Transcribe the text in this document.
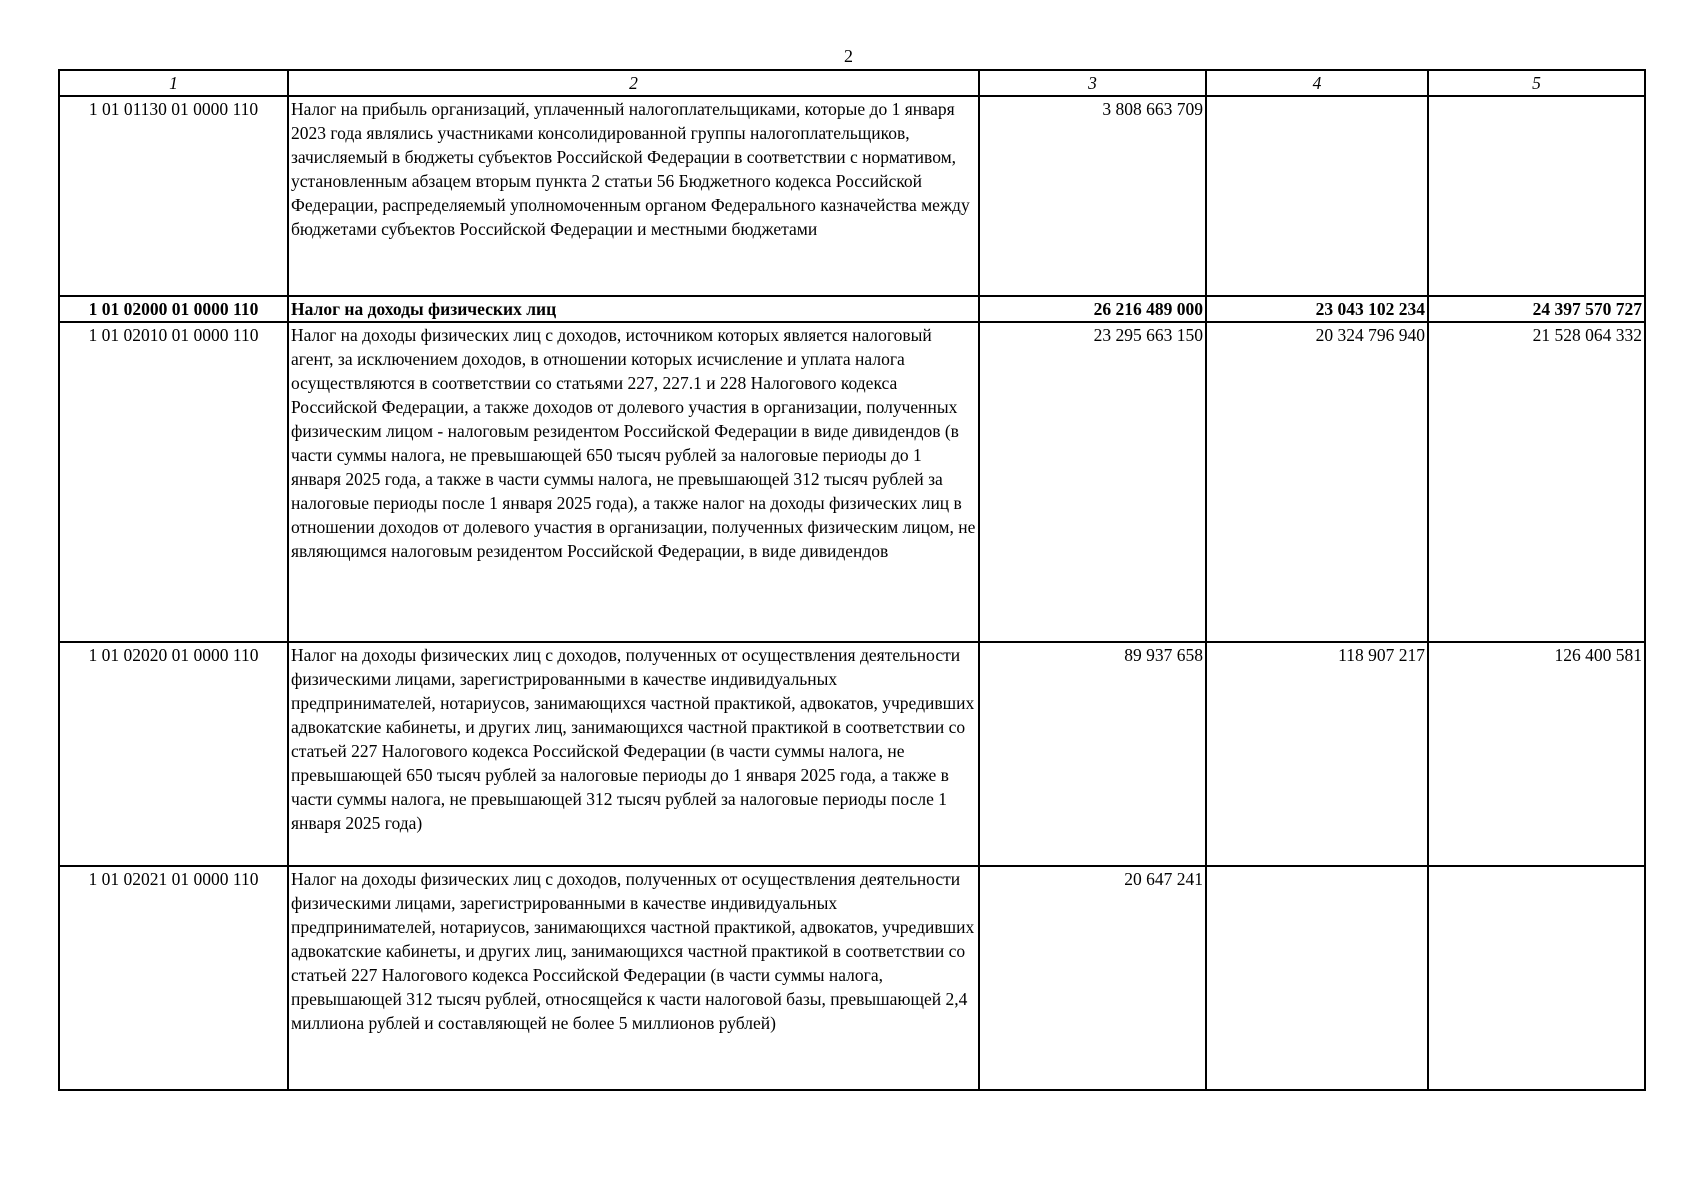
2
1	2	3	4	5
1 01 01130 01 0000 110	Налог на прибыль организаций, уплаченный налогоплательщиками, которые до 1 января 2023 года являлись участниками консолидированной группы налогоплательщиков, зачисляемый в бюджеты субъектов Российской Федерации в соответствии с нормативом, установленным абзацем вторым пункта 2 статьи 56 Бюджетного кодекса Российской Федерации, распределяемый уполномоченным органом Федерального казначейства между бюджетами субъектов Российской Федерации и местными бюджетами	3 808 663 709		
1 01 02000 01 0000 110	Налог на доходы физических лиц	26 216 489 000	23 043 102 234	24 397 570 727
1 01 02010 01 0000 110	Налог на доходы физических лиц с доходов, источником которых является налоговый агент, за исключением доходов, в отношении которых исчисление и уплата налога осуществляются в соответствии со статьями 227, 227.1 и 228 Налогового кодекса Российской Федерации, а также доходов от долевого участия в организации, полученных физическим лицом - налоговым резидентом Российской Федерации в виде дивидендов (в части суммы налога, не превышающей 650 тысяч рублей за налоговые периоды до 1 января 2025 года, а также в части суммы налога, не превышающей 312 тысяч рублей за налоговые периоды после 1 января 2025 года), а также налог на доходы физических лиц в отношении доходов от долевого участия в организации, полученных физическим лицом, не являющимся налоговым резидентом Российской Федерации, в виде дивидендов	23 295 663 150	20 324 796 940	21 528 064 332
1 01 02020 01 0000 110	Налог на доходы физических лиц с доходов, полученных от осуществления деятельности физическими лицами, зарегистрированными в качестве индивидуальных предпринимателей, нотариусов, занимающихся частной практикой, адвокатов, учредивших адвокатские кабинеты, и других лиц, занимающихся частной практикой в соответствии со статьей 227 Налогового кодекса Российской Федерации (в части суммы налога, не превышающей 650 тысяч рублей за налоговые периоды до 1 января 2025 года, а также в части суммы налога, не превышающей 312 тысяч рублей за налоговые периоды после 1 января 2025 года)	89 937 658	118 907 217	126 400 581
1 01 02021 01 0000 110	Налог на доходы физических лиц с доходов, полученных от осуществления деятельности физическими лицами, зарегистрированными в качестве индивидуальных предпринимателей, нотариусов, занимающихся частной практикой, адвокатов, учредивших адвокатские кабинеты, и других лиц, занимающихся частной практикой в соответствии со статьей 227 Налогового кодекса Российской Федерации (в части суммы налога, превышающей 312 тысяч рублей, относящейся к части налоговой базы, превышающей 2,4 миллиона рублей и составляющей не более 5 миллионов рублей)	20 647 241		
